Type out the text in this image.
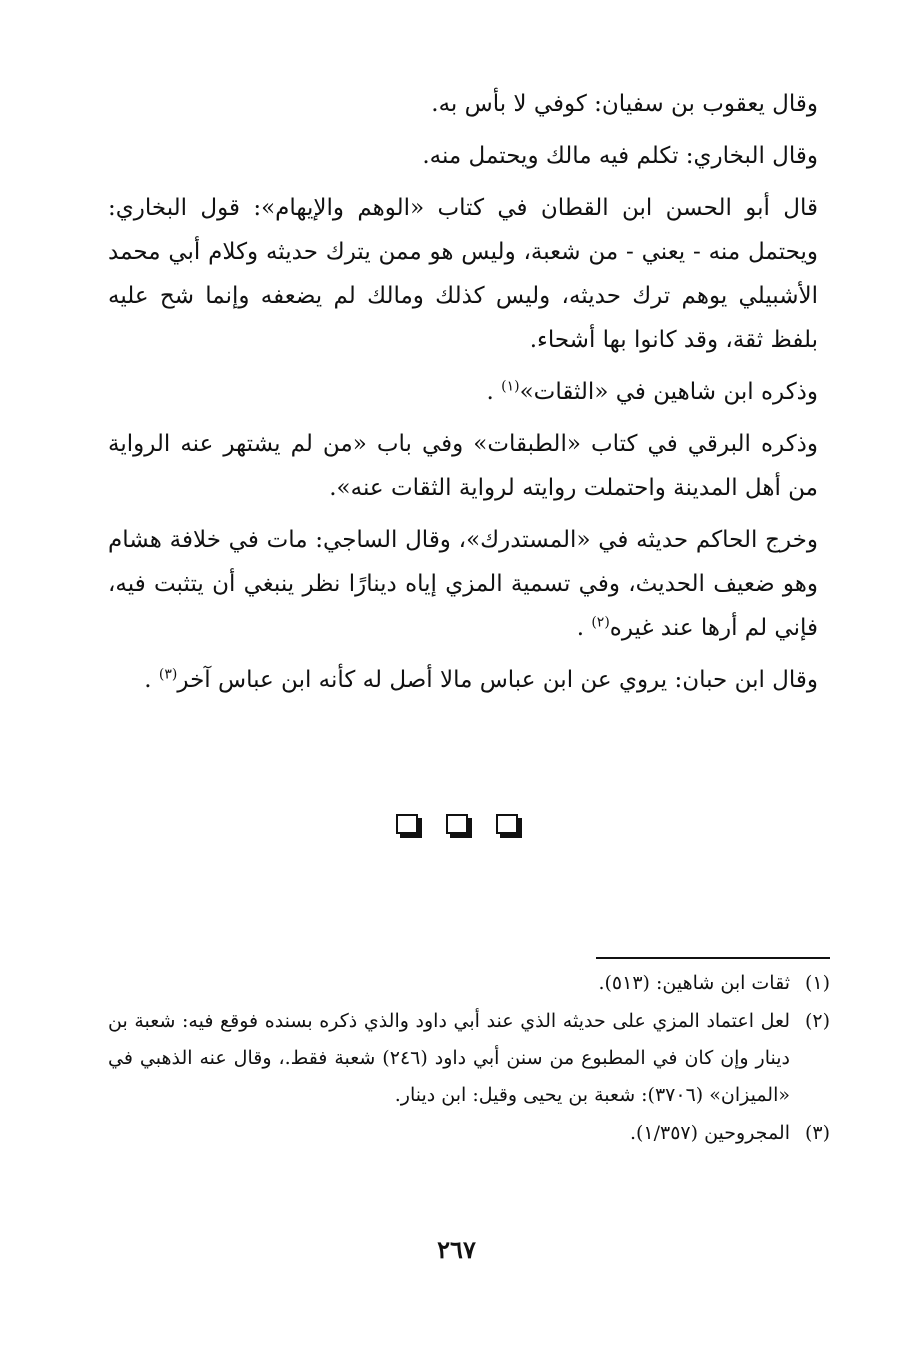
وقال يعقوب بن سفيان: كوفي لا بأس به.

وقال البخاري: تكلم فيه مالك ويحتمل منه.

قال أبو الحسن ابن القطان في كتاب «الوهم والإيهام»: قول البخاري: ويحتمل منه - يعني - من شعبة، وليس هو ممن يترك حديثه وكلام أبي محمد الأشبيلي يوهم ترك حديثه، وليس كذلك ومالك لم يضعفه وإنما شح عليه بلفظ ثقة، وقد كانوا بها أشحاء.

وذكره ابن شاهين في «الثقات»$^{(١)}$ .

وذكره البرقي في كتاب «الطبقات» وفي باب «من لم يشتهر عنه الرواية من أهل المدينة واحتملت روايته لرواية الثقات عنه».

وخرج الحاكم حديثه في «المستدرك»، وقال الساجي: مات في خلافة هشام وهو ضعيف الحديث، وفي تسمية المزي إياه دينارًا نظر ينبغي أن يتثبت فيه، فإني لم أرها عند غيره$^{(٢)}$ .

وقال ابن حبان: يروي عن ابن عباس مالا أصل له كأنه ابن عباس آخر$^{(٣)}$ .

(١)
ثقات ابن شاهين: (٥١٣).
(٢)
لعل اعتماد المزي على حديثه الذي عند أبي داود والذي ذكره بسنده فوقع فيه: شعبة بن دينار وإن كان في المطبوع من سنن أبي داود (٢٤٦) شعبة فقط.، وقال عنه الذهبي في «الميزان» (٣٧٠٦): شعبة بن يحيى وقيل: ابن دينار.
(٣)
المجروحين (١/٣٥٧).
٢٦٧
